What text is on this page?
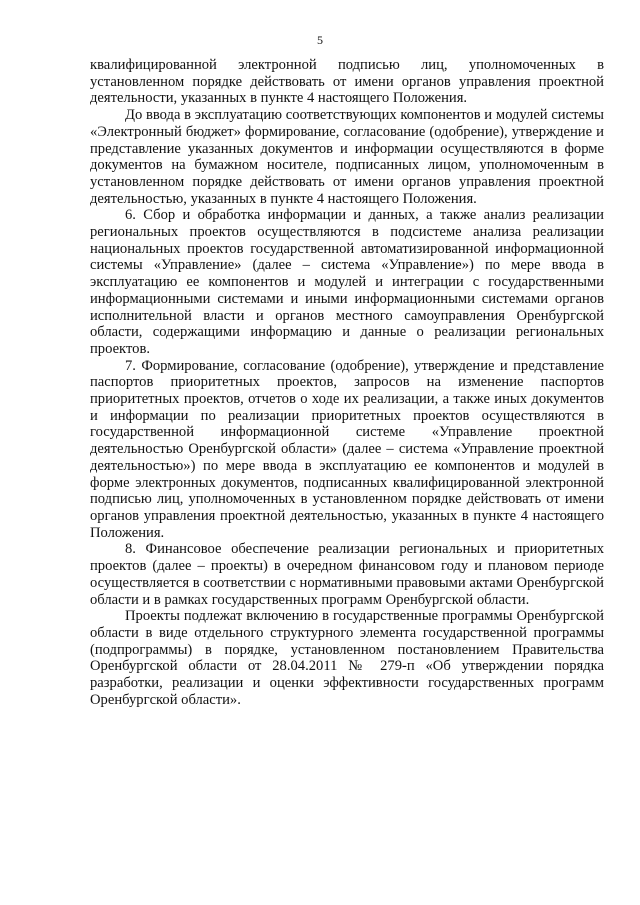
5

квалифицированной электронной подписью лиц, уполномоченных в установленном порядке действовать от имени органов управления проектной деятельности, указанных в пункте 4 настоящего Положения.

До ввода в эксплуатацию соответствующих компонентов и модулей системы «Электронный бюджет» формирование, согласование (одобрение), утверждение и представление указанных документов и информации осуществляются в форме документов на бумажном носителе, подписанных лицом, уполномоченным в установленном порядке действовать от имени органов управления проектной деятельностью, указанных в пункте 4 настоящего Положения.

6. Сбор и обработка информации и данных, а также анализ реализации региональных проектов осуществляются в подсистеме анализа реализации национальных проектов государственной автоматизированной информационной системы «Управление» (далее – система «Управление») по мере ввода в эксплуатацию ее компонентов и модулей и интеграции с государственными информационными системами и иными информационными системами органов исполнительной власти и органов местного самоуправления Оренбургской области, содержащими информацию и данные о реализации региональных проектов.

7. Формирование, согласование (одобрение), утверждение и представление паспортов приоритетных проектов, запросов на изменение паспортов приоритетных проектов, отчетов о ходе их реализации, а также иных документов и информации по реализации приоритетных проектов осуществляются в государственной информационной системе «Управление проектной деятельностью Оренбургской области» (далее – система «Управление проектной деятельностью») по мере ввода в эксплуатацию ее компонентов и модулей в форме электронных документов, подписанных квалифицированной электронной подписью лиц, уполномоченных в установленном порядке действовать от имени органов управления проектной деятельностью, указанных в пункте 4 настоящего Положения.

8. Финансовое обеспечение реализации региональных и приоритетных проектов (далее – проекты) в очередном финансовом году и плановом периоде осуществляется в соответствии с нормативными правовыми актами Оренбургской области и в рамках государственных программ Оренбургской области.

Проекты подлежат включению в государственные программы Оренбургской области в виде отдельного структурного элемента государственной программы (подпрограммы) в порядке, установленном постановлением Правительства Оренбургской области от 28.04.2011 № 279-п «Об утверждении порядка разработки, реализации и оценки эффективности государственных программ Оренбургской области».
